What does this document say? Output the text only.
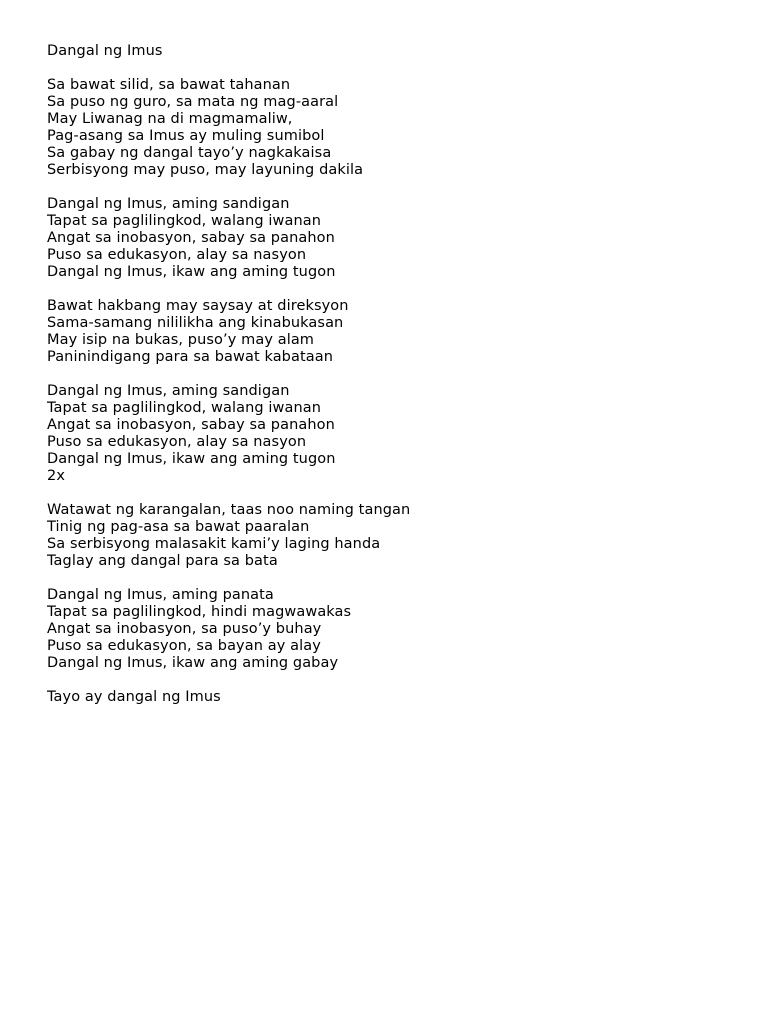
Dangal ng Imus
Sa bawat silid, sa bawat tahanan
Sa puso ng guro, sa mata ng mag-aaral
May Liwanag na di magmamaliw,
Pag-asang sa Imus ay muling sumibol
Sa gabay ng dangal tayo’y nagkakaisa
Serbisyong may puso, may layuning dakila
Dangal ng Imus, aming sandigan
Tapat sa paglilingkod, walang iwanan
Angat sa inobasyon, sabay sa panahon
Puso sa edukasyon, alay sa nasyon
Dangal ng Imus, ikaw ang aming tugon
Bawat hakbang may saysay at direksyon
Sama-samang nililikha ang kinabukasan
May isip na bukas, puso’y may alam
Paninindigang para sa bawat kabataan
Dangal ng Imus, aming sandigan
Tapat sa paglilingkod, walang iwanan
Angat sa inobasyon, sabay sa panahon
Puso sa edukasyon, alay sa nasyon
Dangal ng Imus, ikaw ang aming tugon
2x
Watawat ng karangalan, taas noo naming tangan
Tinig ng pag-asa sa bawat paaralan
Sa serbisyong malasakit kami’y laging handa
Taglay ang dangal para sa bata
Dangal ng Imus, aming panata
Tapat sa paglilingkod, hindi magwawakas
Angat sa inobasyon, sa puso’y buhay
Puso sa edukasyon, sa bayan ay alay
Dangal ng Imus, ikaw ang aming gabay
Tayo ay dangal ng Imus
